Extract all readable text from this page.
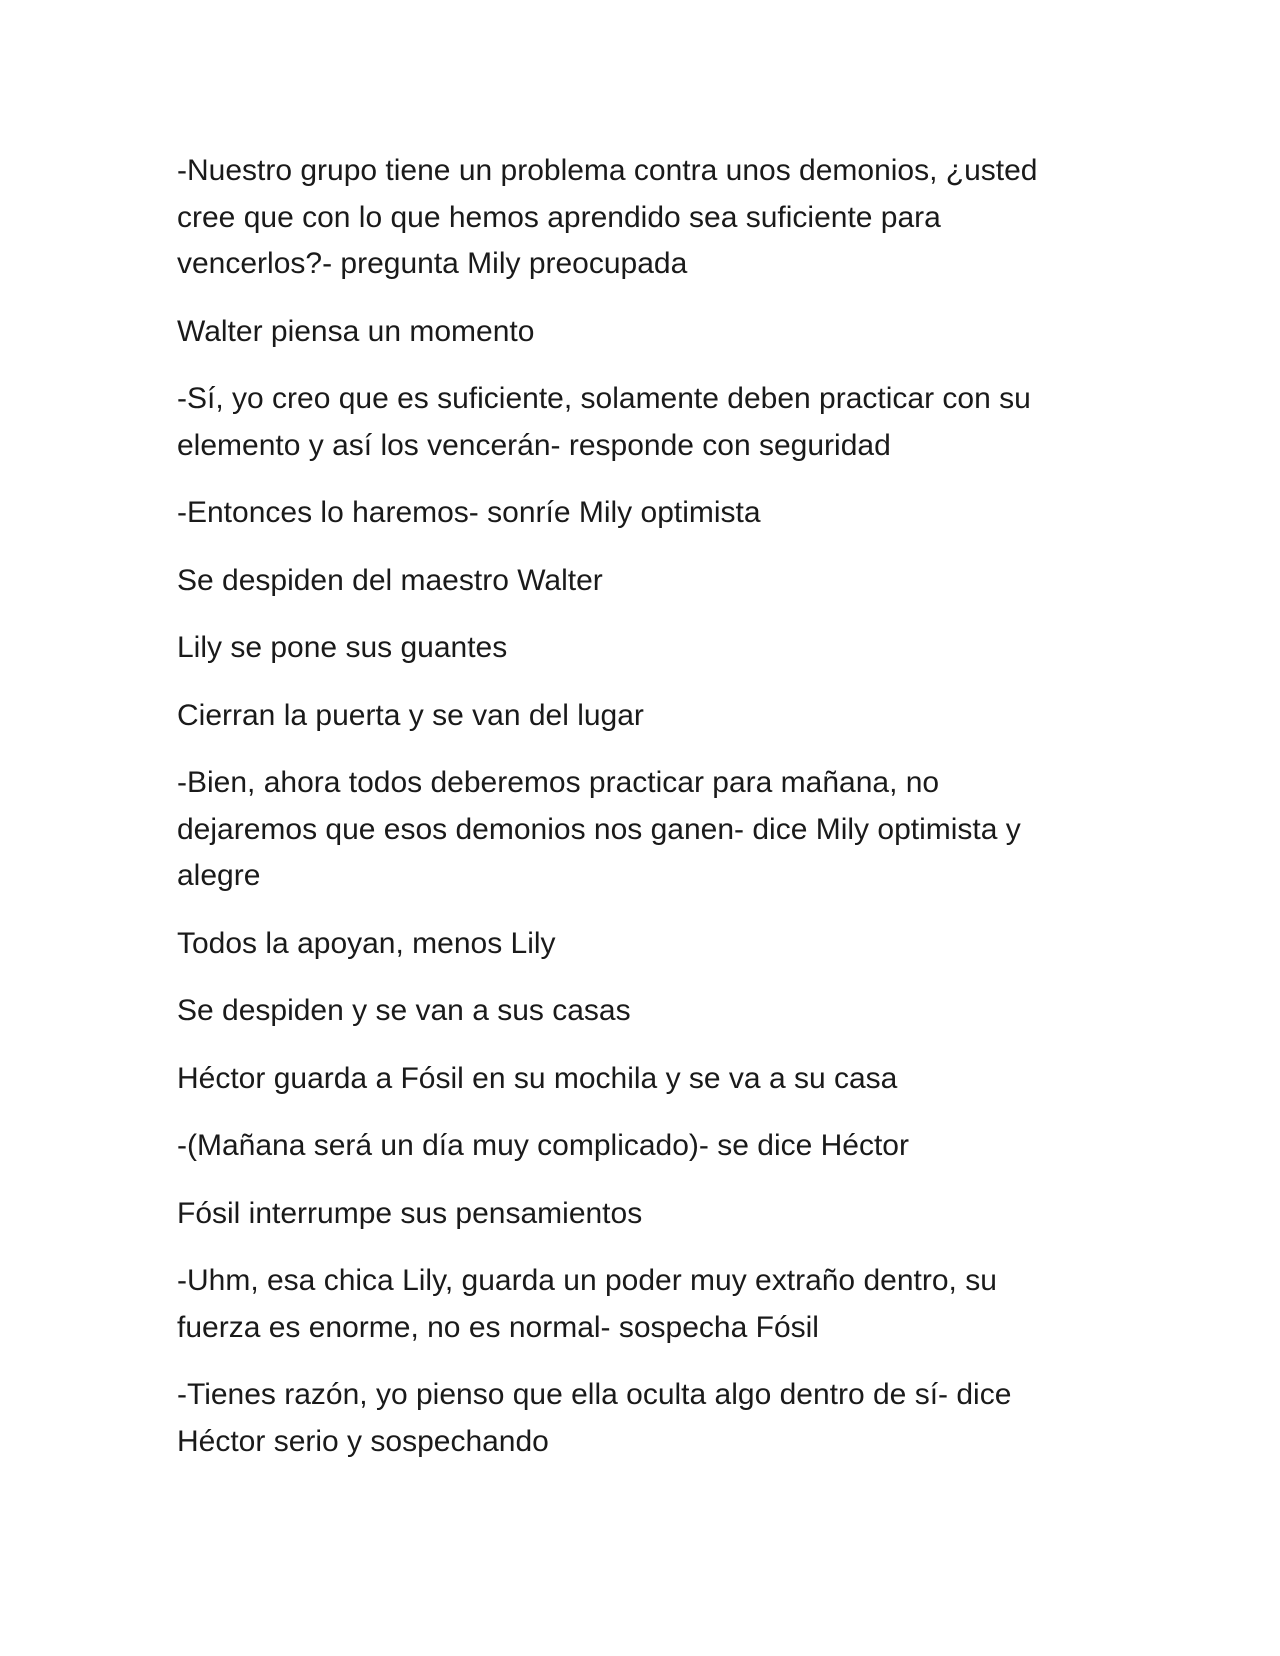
-Nuestro grupo tiene un problema contra unos demonios, ¿usted cree que con lo que hemos aprendido sea suficiente para vencerlos?- pregunta Mily preocupada

Walter piensa un momento

-Sí, yo creo que es suficiente, solamente deben practicar con su elemento y así los vencerán- responde con seguridad

-Entonces lo haremos- sonríe Mily optimista

Se despiden del maestro Walter

Lily se pone sus guantes

Cierran la puerta y se van del lugar

-Bien, ahora todos deberemos practicar para mañana, no dejaremos que esos demonios nos ganen- dice Mily optimista y alegre

Todos la apoyan, menos Lily

Se despiden y se van a sus casas

Héctor guarda a Fósil en su mochila y se va a su casa

-(Mañana será un día muy complicado)- se dice Héctor

Fósil interrumpe sus pensamientos

-Uhm, esa chica Lily, guarda un poder muy extraño dentro, su fuerza es enorme, no es normal- sospecha Fósil

-Tienes razón, yo pienso que ella oculta algo dentro de sí- dice Héctor serio y sospechando
